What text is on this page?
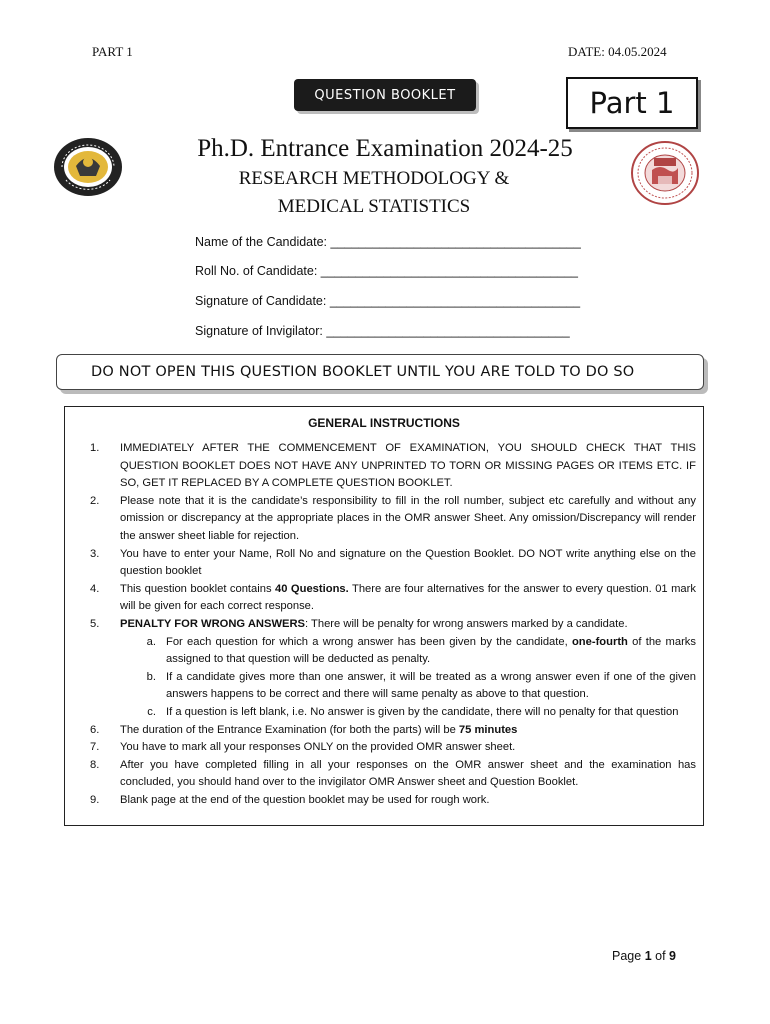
PART 1	DATE: 04.05.2024
QUESTION BOOKLET	Part 1
Ph.D. Entrance Examination 2024-25
RESEARCH METHODOLOGY &
MEDICAL STATISTICS
Name of the Candidate: ____________________________________
Roll No. of Candidate: _____________________________________
Signature of Candidate: ____________________________________
Signature of Invigilator: ___________________________________
DO NOT OPEN THIS QUESTION BOOKLET UNTIL YOU ARE TOLD TO DO SO
GENERAL INSTRUCTIONS
1.	IMMEDIATELY AFTER THE COMMENCEMENT OF EXAMINATION, YOU SHOULD CHECK THAT THIS QUESTION BOOKLET DOES NOT HAVE ANY UNPRINTED TO TORN OR MISSING PAGES OR ITEMS ETC. IF SO, GET IT REPLACED BY A COMPLETE QUESTION BOOKLET.
2.	Please note that it is the candidate’s responsibility to fill in the roll number, subject etc carefully and without any omission or discrepancy at the appropriate places in the OMR answer Sheet. Any omission/Discrepancy will render the answer sheet liable for rejection.
3.	You have to enter your Name, Roll No and signature on the Question Booklet. DO NOT write anything else on the question booklet
4.	This question booklet contains 40 Questions. There are four alternatives for the answer to every question. 01 mark will be given for each correct response.
5.	PENALTY FOR WRONG ANSWERS: There will be penalty for wrong answers marked by a candidate.
a. For each question for which a wrong answer has been given by the candidate, one-fourth of the marks assigned to that question will be deducted as penalty.
b. If a candidate gives more than one answer, it will be treated as a wrong answer even if one of the given answers happens to be correct and there will same penalty as above to that question.
c. If a question is left blank, i.e. No answer is given by the candidate, there will no penalty for that question
6.	The duration of the Entrance Examination (for both the parts) will be 75 minutes
7.	You have to mark all your responses ONLY on the provided OMR answer sheet.
8.	After you have completed filling in all your responses on the OMR answer sheet and the examination has concluded, you should hand over to the invigilator OMR Answer sheet and Question Booklet.
9.	Blank page at the end of the question booklet may be used for rough work.
Page 1 of 9
